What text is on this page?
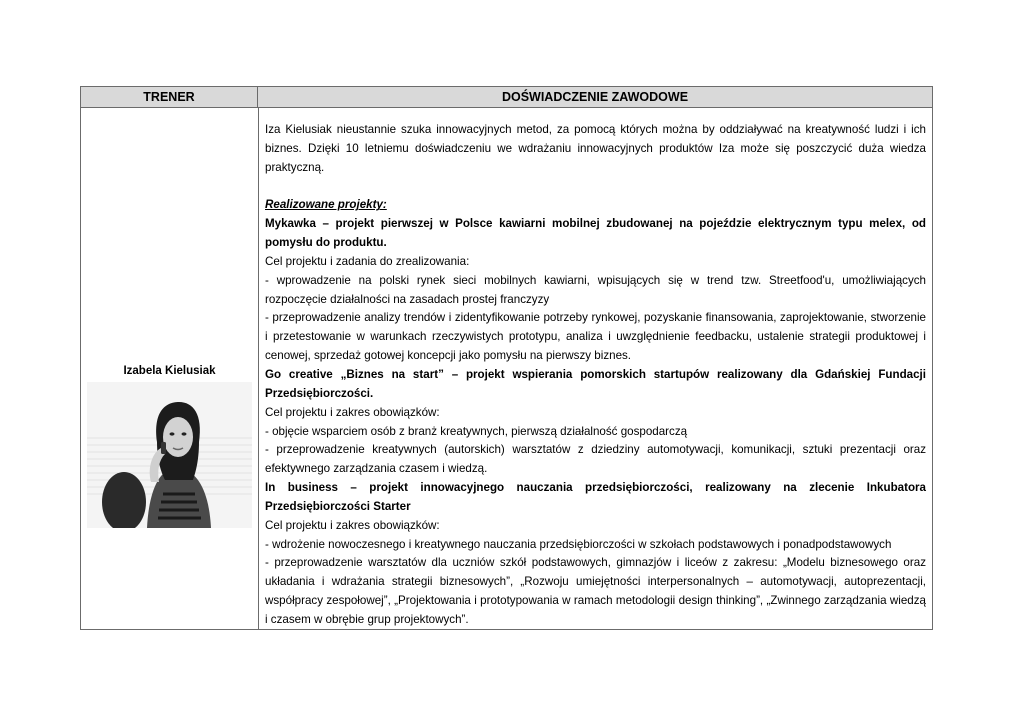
TRENER	DOŚWIADCZENIE ZAWODOWE
Izabela Kielusiak

Iza Kielusiak nieustannie szuka innowacyjnych metod, za pomocą których można by oddziaływać na kreatywność ludzi i ich biznes. Dzięki 10 letniemu doświadczeniu we wdrażaniu innowacyjnych produktów Iza może się poszczycić duża wiedza praktyczną.

Realizowane projekty:

Mykawka – projekt pierwszej w Polsce kawiarni mobilnej zbudowanej na pojeździe elektrycznym typu melex, od pomysłu do produktu.

Cel projektu i zadania do zrealizowania:

- wprowadzenie na polski rynek sieci mobilnych kawiarni, wpisujących się w trend tzw. Streetfood'u, umożliwiających rozpoczęcie działalności na zasadach prostej franczyzy

- przeprowadzenie analizy trendów i zidentyfikowanie potrzeby rynkowej, pozyskanie finansowania, zaprojektowanie, stworzenie i przetestowanie w warunkach rzeczywistych prototypu, analiza i uwzględnienie feedbacku, ustalenie strategii produktowej i cenowej, sprzedaż gotowej koncepcji jako pomysłu na pierwszy biznes.

Go creative „Biznes na start” – projekt wspierania pomorskich startupów realizowany dla Gdańskiej Fundacji Przedsiębiorczości.

Cel projektu i zakres obowiązków:

- objęcie wsparciem osób z branż kreatywnych, pierwszą działalność gospodarczą

- przeprowadzenie kreatywnych (autorskich) warsztatów z dziedziny automotywacji, komunikacji, sztuki prezentacji oraz efektywnego zarządzania czasem i wiedzą.

In business – projekt innowacyjnego nauczania przedsiębiorczości, realizowany na zlecenie Inkubatora Przedsiębiorczości Starter

Cel projektu i zakres obowiązków:

- wdrożenie nowoczesnego i kreatywnego nauczania przedsiębiorczości w szkołach podstawowych i ponadpodstawowych

- przeprowadzenie warsztatów dla uczniów szkół podstawowych, gimnazjów i liceów z zakresu: „Modelu biznesowego oraz układania i wdrażania strategii biznesowych”, „Rozwoju umiejętności interpersonalnych – automotywacji, autoprezentacji, współpracy zespołowej”, „Projektowania i prototypowania w ramach metodologii design thinking”, „Zwinnego zarządzania wiedzą i czasem w obrębie grup projektowych”.
